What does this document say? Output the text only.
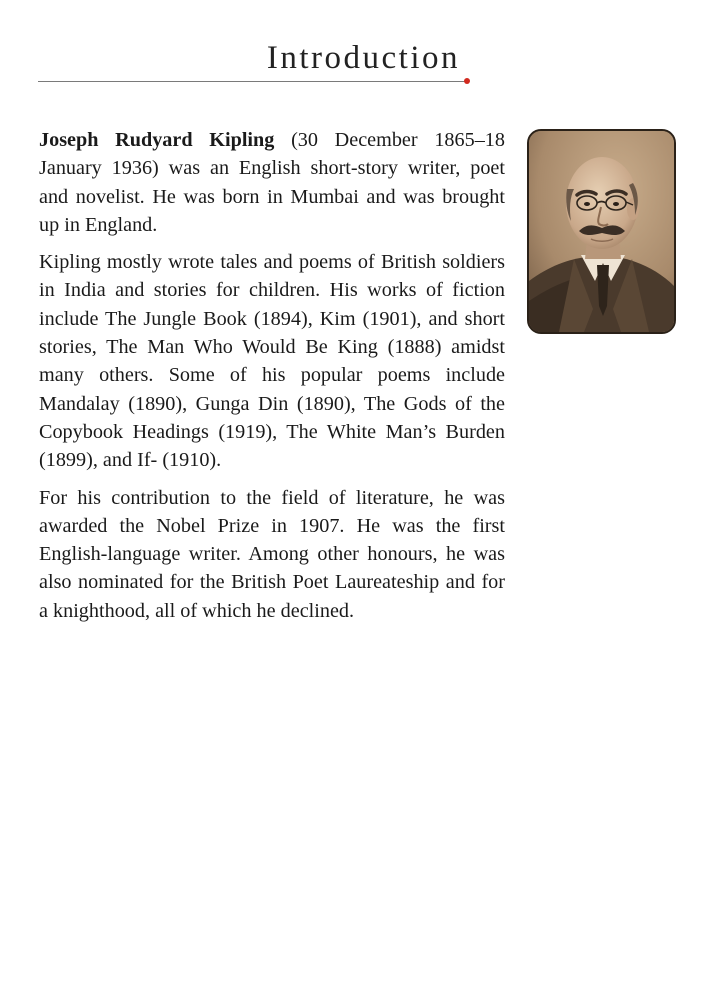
Introduction

Joseph Rudyard Kipling (30 December 1865–18 January 1936) was an English short-story writer, poet and novelist. He was born in Mumbai and was brought up in England.

Kipling mostly wrote tales and poems of British soldiers in India and stories for children. His works of fiction include The Jungle Book (1894), Kim (1901), and short stories, The Man Who Would Be King (1888) amidst many others. Some of his popular poems include Mandalay (1890), Gunga Din (1890), The Gods of the Copybook Headings (1919), The White Man’s Burden (1899), and If- (1910).

For his contribution to the field of literature, he was awarded the Nobel Prize in 1907. He was the first English-language writer. Among other honours, he was also nominated for the British Poet Laureateship and for a knighthood, all of which he declined.
